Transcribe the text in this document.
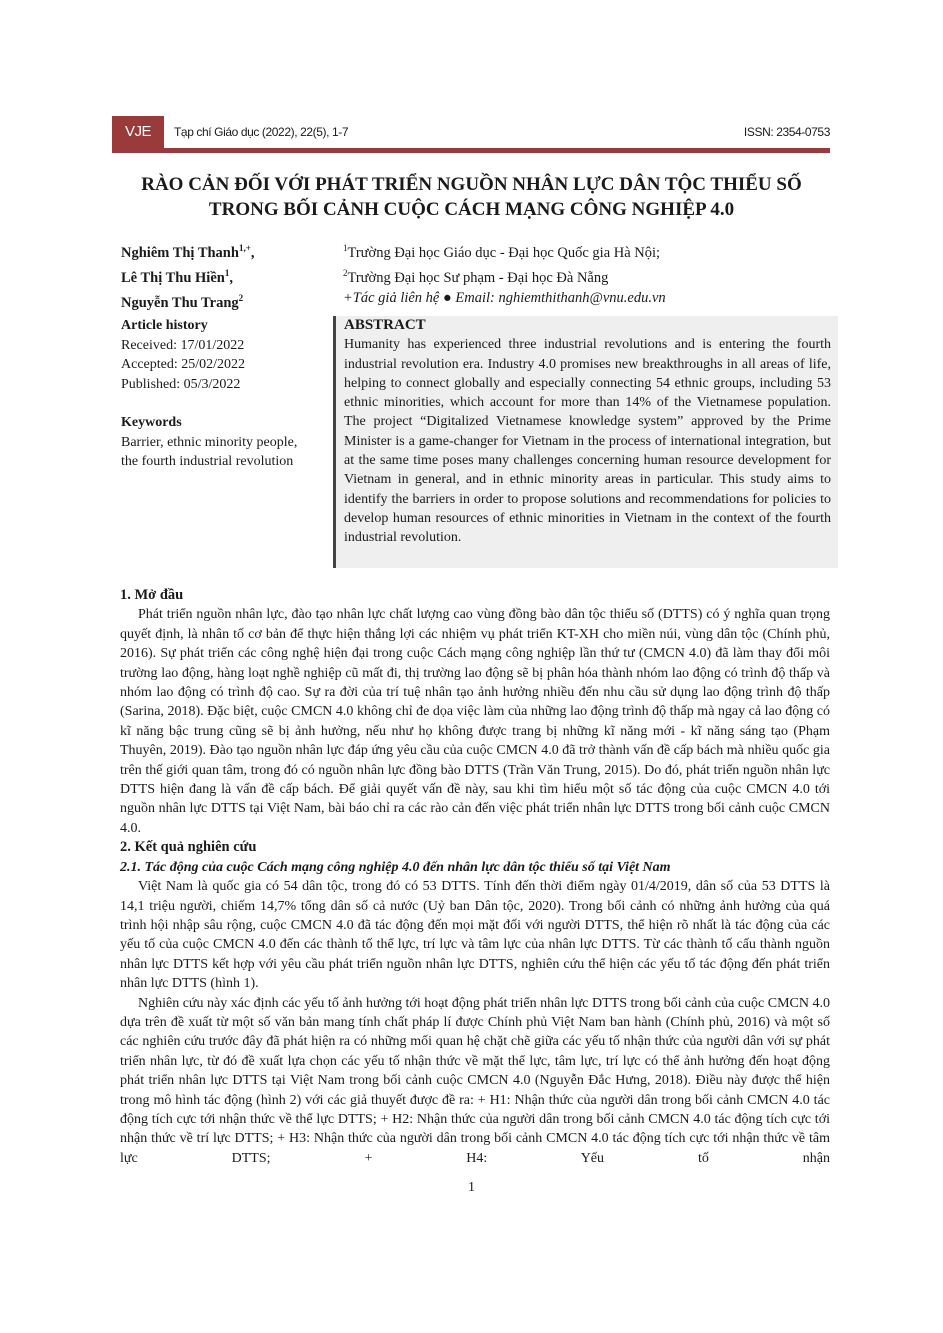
VJE	Tạp chí Giáo dục (2022), 22(5), 1-7	ISSN: 2354-0753
RÀO CẢN ĐỐI VỚI PHÁT TRIỂN NGUỒN NHÂN LỰC DÂN TỘC THIỂU SỐ
TRONG BỐI CẢNH CUỘC CÁCH MẠNG CÔNG NGHIỆP 4.0
Nghiêm Thị Thanh$^{1,+}$,
Lê Thị Thu Hiền$^1$,
Nguyễn Thu Trang$^2$
$^1$Trường Đại học Giáo dục - Đại học Quốc gia Hà Nội;
$^2$Trường Đại học Sư phạm - Đại học Đà Nẵng
+Tác giả liên hệ ● Email: nghiemthithanh@vnu.edu.vn
Article history
Received: 17/01/2022
Accepted: 25/02/2022
Published: 05/3/2022
Keywords
Barrier, ethnic minority people, the fourth industrial revolution
ABSTRACT
Humanity has experienced three industrial revolutions and is entering the fourth industrial revolution era. Industry 4.0 promises new breakthroughs in all areas of life, helping to connect globally and especially connecting 54 ethnic groups, including 53 ethnic minorities, which account for more than 14% of the Vietnamese population. The project “Digitalized Vietnamese knowledge system” approved by the Prime Minister is a game-changer for Vietnam in the process of international integration, but at the same time poses many challenges concerning human resource development for Vietnam in general, and in ethnic minority areas in particular. This study aims to identify the barriers in order to propose solutions and recommendations for policies to develop human resources of ethnic minorities in Vietnam in the context of the fourth industrial revolution.
1. Mở đầu

Phát triển nguồn nhân lực, đào tạo nhân lực chất lượng cao vùng đồng bào dân tộc thiểu số (DTTS) có ý nghĩa quan trọng quyết định, là nhân tố cơ bản để thực hiện thắng lợi các nhiệm vụ phát triển KT-XH cho miền núi, vùng dân tộc (Chính phủ, 2016). Sự phát triển các công nghệ hiện đại trong cuộc Cách mạng công nghiệp lần thứ tư (CMCN 4.0) đã làm thay đổi môi trường lao động, hàng loạt nghề nghiệp cũ mất đi, thị trường lao động sẽ bị phân hóa thành nhóm lao động có trình độ thấp và nhóm lao động có trình độ cao. Sự ra đời của trí tuệ nhân tạo ảnh hưởng nhiều đến nhu cầu sử dụng lao động trình độ thấp (Sarina, 2018). Đặc biệt, cuộc CMCN 4.0 không chỉ đe dọa việc làm của những lao động trình độ thấp mà ngay cả lao động có kĩ năng bậc trung cũng sẽ bị ảnh hưởng, nếu như họ không được trang bị những kĩ năng mới - kĩ năng sáng tạo (Phạm Thuyên, 2019). Đào tạo nguồn nhân lực đáp ứng yêu cầu của cuộc CMCN 4.0 đã trở thành vấn đề cấp bách mà nhiều quốc gia trên thế giới quan tâm, trong đó có nguồn nhân lực đồng bào DTTS (Trần Văn Trung, 2015). Do đó, phát triển nguồn nhân lực DTTS hiện đang là vấn đề cấp bách. Để giải quyết vấn đề này, sau khi tìm hiểu một số tác động của cuộc CMCN 4.0 tới nguồn nhân lực DTTS tại Việt Nam, bài báo chỉ ra các rào cản đến việc phát triển nhân lực DTTS trong bối cảnh cuộc CMCN 4.0.

2. Kết quả nghiên cứu
2.1. Tác động của cuộc Cách mạng công nghiệp 4.0 đến nhân lực dân tộc thiểu số tại Việt Nam

Việt Nam là quốc gia có 54 dân tộc, trong đó có 53 DTTS. Tính đến thời điểm ngày 01/4/2019, dân số của 53 DTTS là 14,1 triệu người, chiếm 14,7% tổng dân số cả nước (Uỷ ban Dân tộc, 2020). Trong bối cảnh có những ảnh hưởng của quá trình hội nhập sâu rộng, cuộc CMCN 4.0 đã tác động đến mọi mặt đối với người DTTS, thể hiện rõ nhất là tác động của các yếu tố của cuộc CMCN 4.0 đến các thành tố thể lực, trí lực và tâm lực của nhân lực DTTS. Từ các thành tố cấu thành nguồn nhân lực DTTS kết hợp với yêu cầu phát triển nguồn nhân lực DTTS, nghiên cứu thể hiện các yếu tố tác động đến phát triển nhân lực DTTS (hình 1).

Nghiên cứu này xác định các yếu tố ảnh hưởng tới hoạt động phát triển nhân lực DTTS trong bối cảnh của cuộc CMCN 4.0 dựa trên đề xuất từ một số văn bản mang tính chất pháp lí được Chính phủ Việt Nam ban hành (Chính phủ, 2016) và một số các nghiên cứu trước đây đã phát hiện ra có những mối quan hệ chặt chẽ giữa các yếu tố nhận thức của người dân với sự phát triển nhân lực, từ đó đề xuất lựa chọn các yếu tố nhận thức về mặt thể lực, tâm lực, trí lực có thể ảnh hưởng đến hoạt động phát triển nhân lực DTTS tại Việt Nam trong bối cảnh cuộc CMCN 4.0 (Nguyễn Đắc Hưng, 2018). Điều này được thể hiện trong mô hình tác động (hình 2) với các giả thuyết được đề ra: + H1: Nhận thức của người dân trong bối cảnh CMCN 4.0 tác động tích cực tới nhận thức về thể lực DTTS; + H2: Nhận thức của người dân trong bối cảnh CMCN 4.0 tác động tích cực tới nhận thức về trí lực DTTS; + H3: Nhận thức của người dân trong bối cảnh CMCN 4.0 tác động tích cực tới nhận thức về tâm lực DTTS; + H4: Yếu tố nhận

1
